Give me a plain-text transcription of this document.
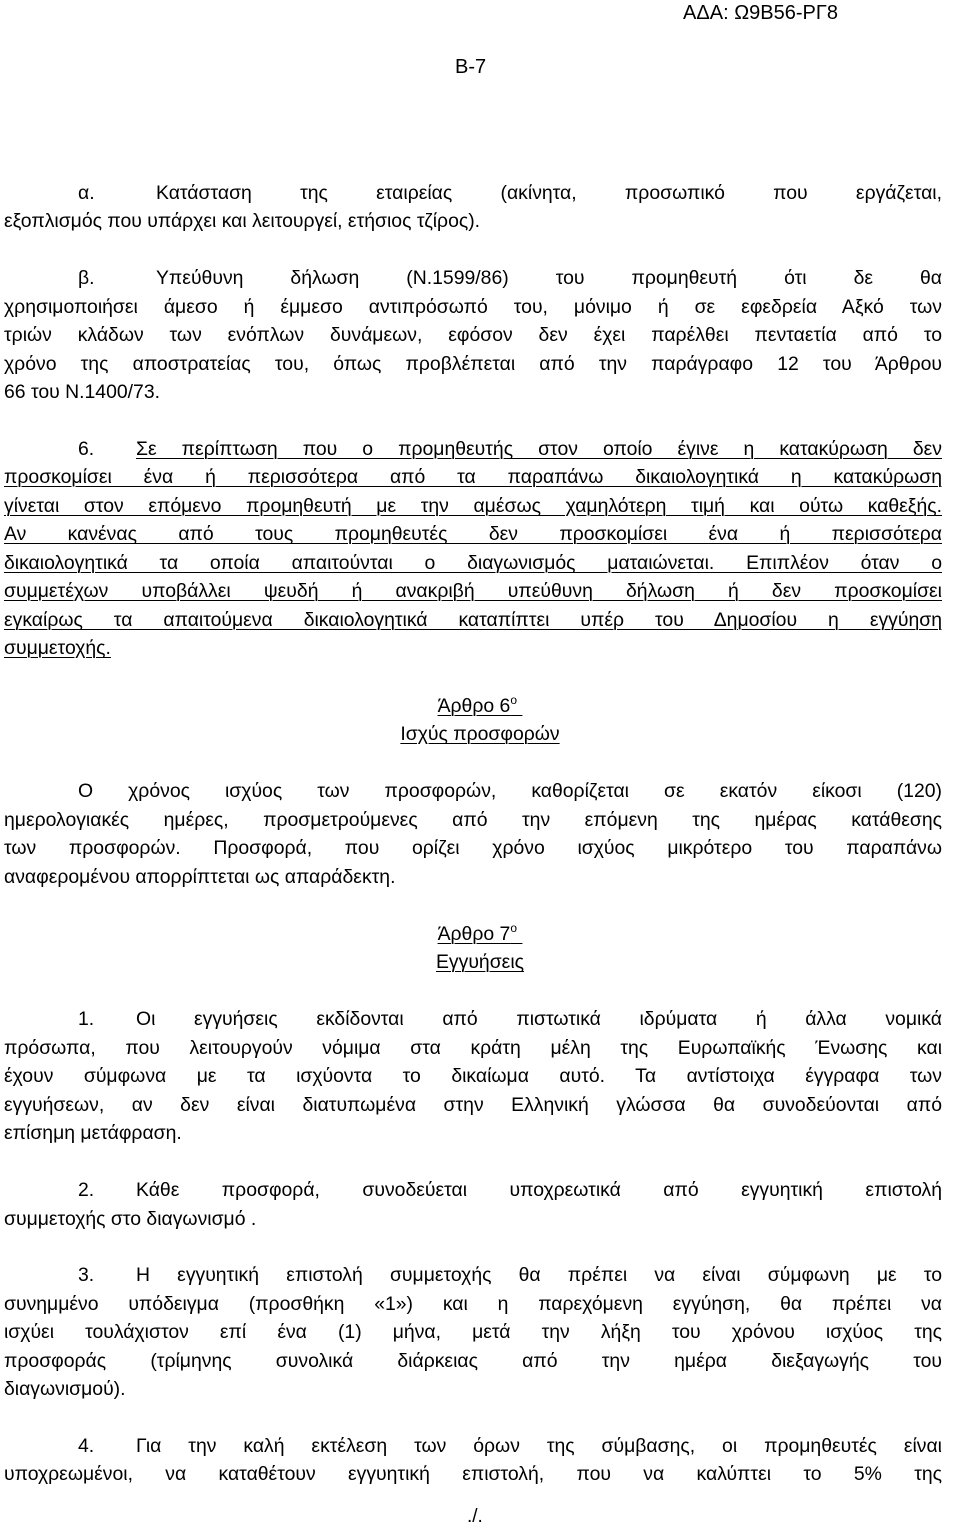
ΑΔΑ: Ω9Β56-ΡΓ8
Β-7
α.	Κατάσταση της εταιρείας (ακίνητα, προσωπικό που εργάζεται,
εξοπλισμός που υπάρχει και λειτουργεί, ετήσιος τζίρος).
β.	Υπεύθυνη δήλωση (Ν.1599/86) του προμηθευτή ότι δε θα
χρησιμοποιήσει άμεσο ή έμμεσο αντιπρόσωπό του, μόνιμο ή σε εφεδρεία Αξκό των
τριών κλάδων των ενόπλων δυνάμεων, εφόσον δεν έχει παρέλθει πενταετία από το
χρόνο της αποστρατείας του, όπως προβλέπεται από την παράγραφο 12 του Άρθρου
66 του Ν.1400/73.
6. Σε περίπτωση που ο προμηθευτής στον οποίο έγινε η κατακύρωση δεν
προσκομίσει ένα ή περισσότερα από τα παραπάνω δικαιολογητικά η κατακύρωση
γίνεται στον επόμενο προμηθευτή με την αμέσως χαμηλότερη τιμή και ούτω καθεξής.
Αν κανένας από τους προμηθευτές δεν προσκομίσει ένα ή περισσότερα
δικαιολογητικά τα οποία απαιτούνται ο διαγωνισμός ματαιώνεται. Επιπλέον όταν ο
συμμετέχων υποβάλλει ψευδή ή ανακριβή υπεύθυνη δήλωση ή δεν προσκομίσει
εγκαίρως τα απαιτούμενα δικαιολογητικά καταπίπτει υπέρ του Δημοσίου η εγγύηση
συμμετοχής.
Άρθρο $6^o$
Ισχύς προσφορών
Ο χρόνος ισχύος των προσφορών, καθορίζεται σε εκατόν είκοσι (120)
ημερολογιακές ημέρες, προσμετρούμενες από την επόμενη της ημέρας κατάθεσης
των προσφορών. Προσφορά, που ορίζει χρόνο ισχύος μικρότερο του παραπάνω
αναφερομένου απορρίπτεται ως απαράδεκτη.
Άρθρο $7^o$
Εγγυήσεις
1. Οι εγγυήσεις εκδίδονται από πιστωτικά ιδρύματα ή άλλα νομικά
πρόσωπα, που λειτουργούν νόμιμα στα κράτη μέλη της Ευρωπαϊκής Ένωσης και
έχουν σύμφωνα με τα ισχύοντα το δικαίωμα αυτό. Τα αντίστοιχα έγγραφα των
εγγυήσεων, αν δεν είναι διατυπωμένα στην Ελληνική γλώσσα θα συνοδεύονται από
επίσημη μετάφραση.
2. Κάθε προσφορά, συνοδεύεται υποχρεωτικά από εγγυητική επιστολή
συμμετοχής στο διαγωνισμό .
3. Η εγγυητική επιστολή συμμετοχής θα πρέπει να είναι σύμφωνη με το
συνημμένο υπόδειγμα (προσθήκη «1») και η παρεχόμενη εγγύηση, θα πρέπει να
ισχύει τουλάχιστον επί ένα (1) μήνα, μετά την λήξη του χρόνου ισχύος της
προσφοράς (τρίμηνης συνολικά διάρκειας από την ημέρα διεξαγωγής του
διαγωνισμού).
4. Για την καλή εκτέλεση των όρων της σύμβασης, οι προμηθευτές είναι
υποχρεωμένοι, να καταθέτουν εγγυητική επιστολή, που να καλύπτει το 5% της
./.
